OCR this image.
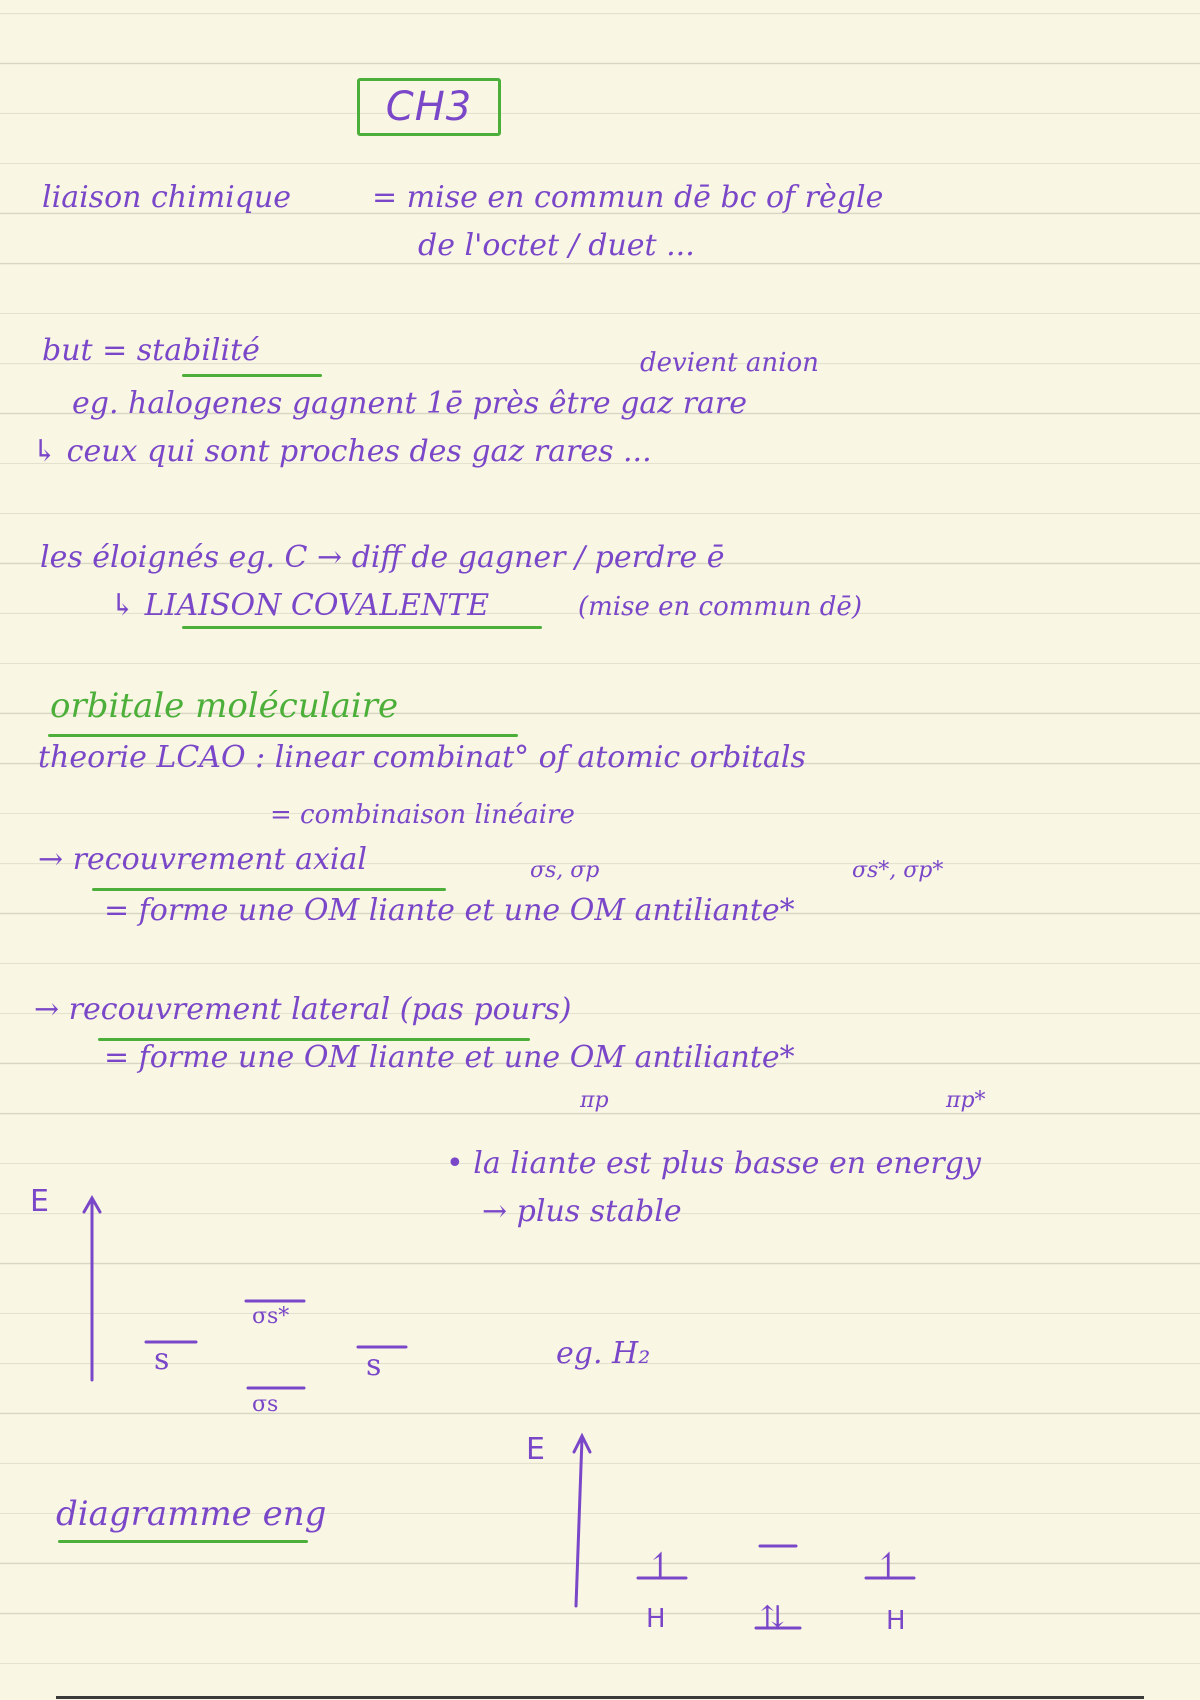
CH3
liaison chimique	= mise en commun dē bc of règle
de l'octet / duet ...
but = stabilité	devient anion
eg. halogenes gagnent 1ē près être gaz rare
↳ ceux qui sont proches des gaz rares ...
les éloignés eg. C → diff de gagner / perdre ē
↳ LIAISON COVALENTE	(mise en commun dē)
orbitale moléculaire
theorie LCAO : linear combinat° of atomic orbitals
= combinaison linéaire
→ recouvrement axial	σs, σp	σs*, σp*
= forme une OM liante et une OM antiliante*
→ recouvrement lateral (pas pours)
= forme une OM liante et une OM antiliante*
πp	πp*
• la liante est plus basse en energy
→ plus stable
E
s	s
σs*
σs
eg. H₂
diagramme eng
E
↿	↿
⇅
H	H
